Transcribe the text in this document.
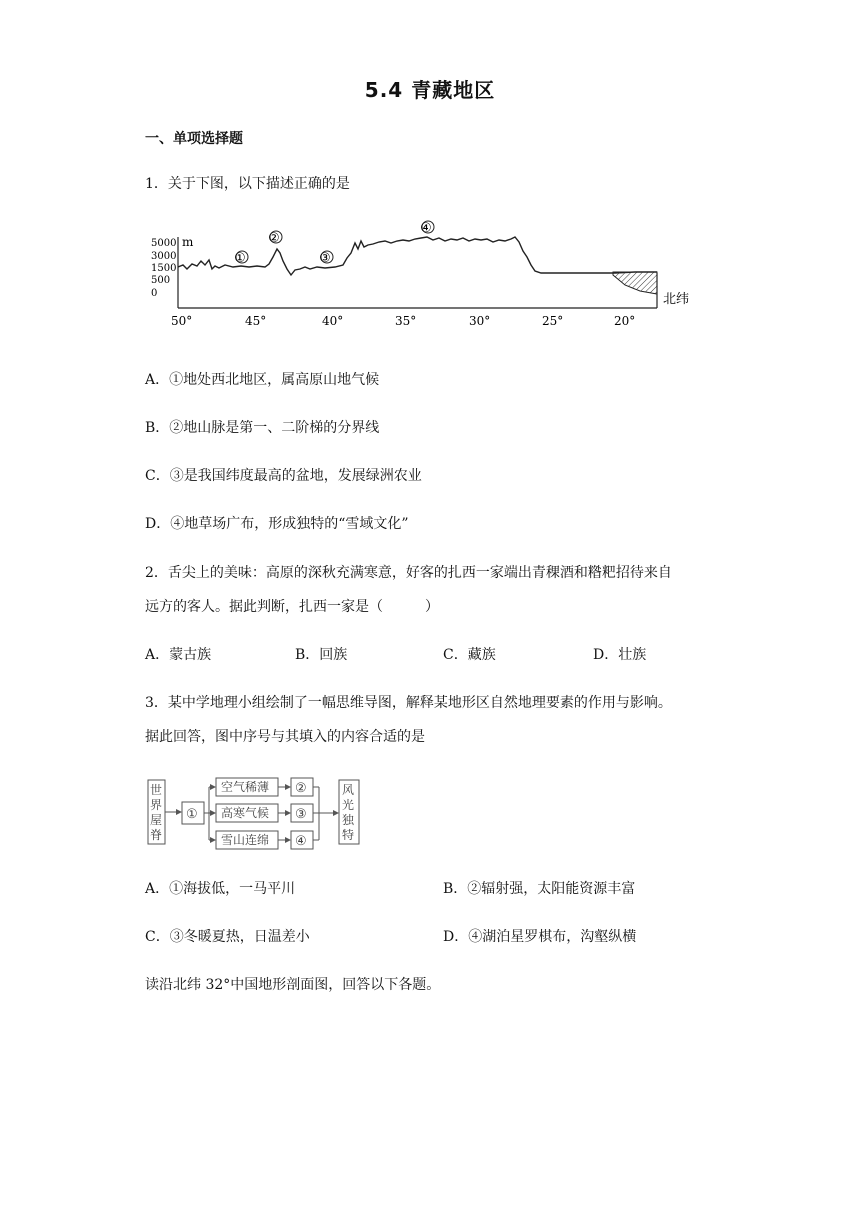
5.4 青藏地区
一、单项选择题
1．关于下图，以下描述正确的是
m
5000
3000
1500
500
0
①
②
③
④
50°	45°	40°	35°	30°	25°	20°
北纬
A．①地处西北地区，属高原山地气候
B．②地山脉是第一、二阶梯的分界线
C．③是我国纬度最高的盆地，发展绿洲农业
D．④地草场广布，形成独特的“雪域文化”
2．舌尖上的美味：高原的深秋充满寒意，好客的扎西一家端出青稞酒和糌粑招待来自
远方的客人。据此判断，扎西一家是（　　　）
A．蒙古族	B．回族	C．藏族	D．壮族
3．某中学地理小组绘制了一幅思维导图，解释某地形区自然地理要素的作用与影响。
据此回答，图中序号与其填入的内容合适的是
世
界
屋
脊
①
空气稀薄
高寒气候
雪山连绵
②
③
④
风
光
独
特
A．①海拔低，一马平川	B．②辐射强，太阳能资源丰富
C．③冬暖夏热，日温差小	D．④湖泊星罗棋布，沟壑纵横
读沿北纬 32°中国地形剖面图，回答以下各题。
